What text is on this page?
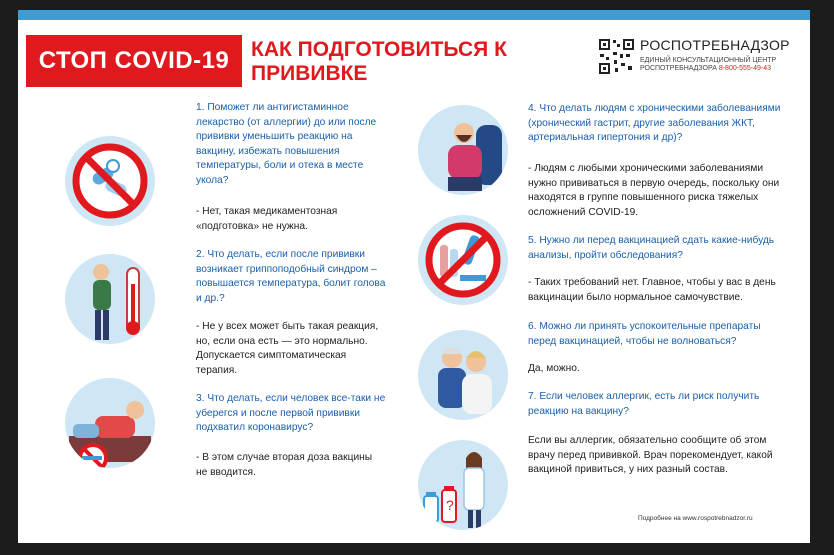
СТОП COVID-19	КАК ПОДГОТОВИТЬСЯ К ПРИВИВКЕ
РОСПОТРЕБНАДЗОР
ЕДИНЫЙ КОНСУЛЬТАЦИОННЫЙ ЦЕНТР
РОСПОТРЕБНАДЗОРА 8-800-555-49-43
?
1. Поможет ли антигистаминное лекарство (от аллергии) до или после прививки уменьшить реакцию на вакцину, избежать повышения температуры, боли и отека в месте укола?
- Нет, такая медикаментозная «подготовка» не нужна.
2. Что делать, если после прививки возникает гриппоподобный синдром – повышается температура, болит голова и др.?
- Не у всех может быть такая реакция, но, если она есть — это нормально. Допускается симптоматическая терапия.
3. Что делать, если человек все-таки не уберегся и после первой прививки подхватил коронавирус?
- В этом случае вторая доза вакцины не вводится.
4. Что делать людям с хроническими заболеваниями (хронический гастрит, другие заболевания ЖКТ, артериальная гипертония и др)?
- Людям с любыми хроническими заболеваниями нужно прививаться в первую очередь, поскольку они находятся в группе повышенного риска тяжелых осложнений COVID-19.
5. Нужно ли перед вакцинацией сдать какие-нибудь анализы, пройти обследования?
- Таких требований нет. Главное, чтобы у вас в день вакцинации было нормальное самочувствие.
6. Можно ли принять успокоительные препараты перед вакцинацией, чтобы не волноваться?
Да, можно.
7. Если человек аллергик, есть ли риск получить реакцию на вакцину?
Если вы аллергик, обязательно сообщите об этом врачу перед прививкой. Врач порекомендует, какой вакциной привиться, у них разный состав.
Подробнее на www.rospotrebnadzor.ru
